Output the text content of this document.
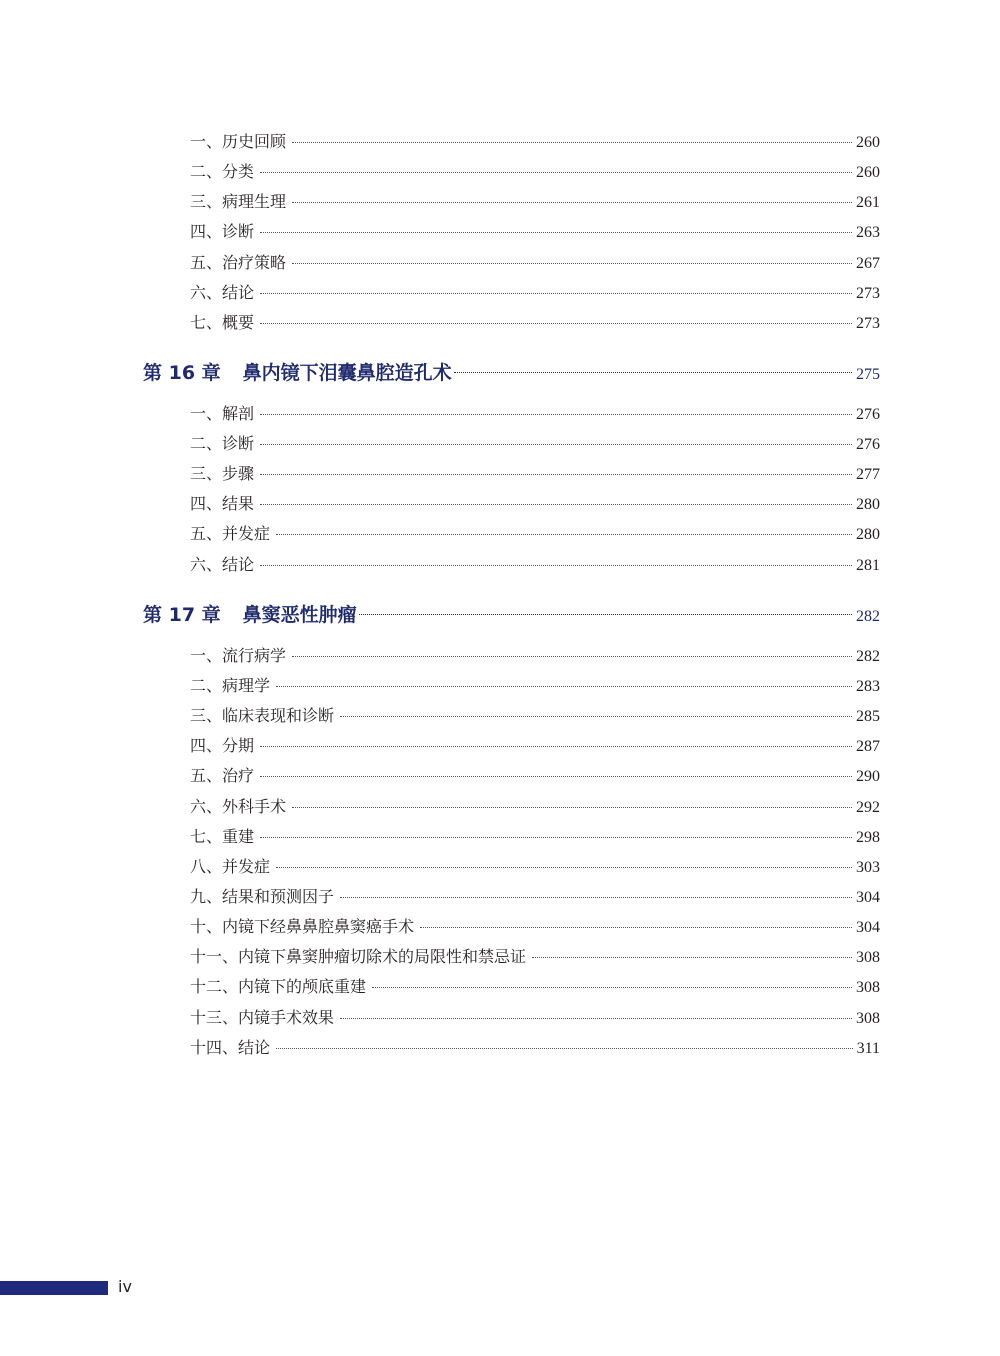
一、历史回顾	260
二、分类	260
三、病理生理	261
四、诊断	263
五、治疗策略	267
六、结论	273
七、概要	273
第 16 章 鼻内镜下泪囊鼻腔造孔术	275
一、解剖	276
二、诊断	276
三、步骤	277
四、结果	280
五、并发症	280
六、结论	281
第 17 章 鼻窦恶性肿瘤	282
一、流行病学	282
二、病理学	283
三、临床表现和诊断	285
四、分期	287
五、治疗	290
六、外科手术	292
七、重建	298
八、并发症	303
九、结果和预测因子	304
十、内镜下经鼻鼻腔鼻窦癌手术	304
十一、内镜下鼻窦肿瘤切除术的局限性和禁忌证	308
十二、内镜下的颅底重建	308
十三、内镜手术效果	308
十四、结论	311
iv
